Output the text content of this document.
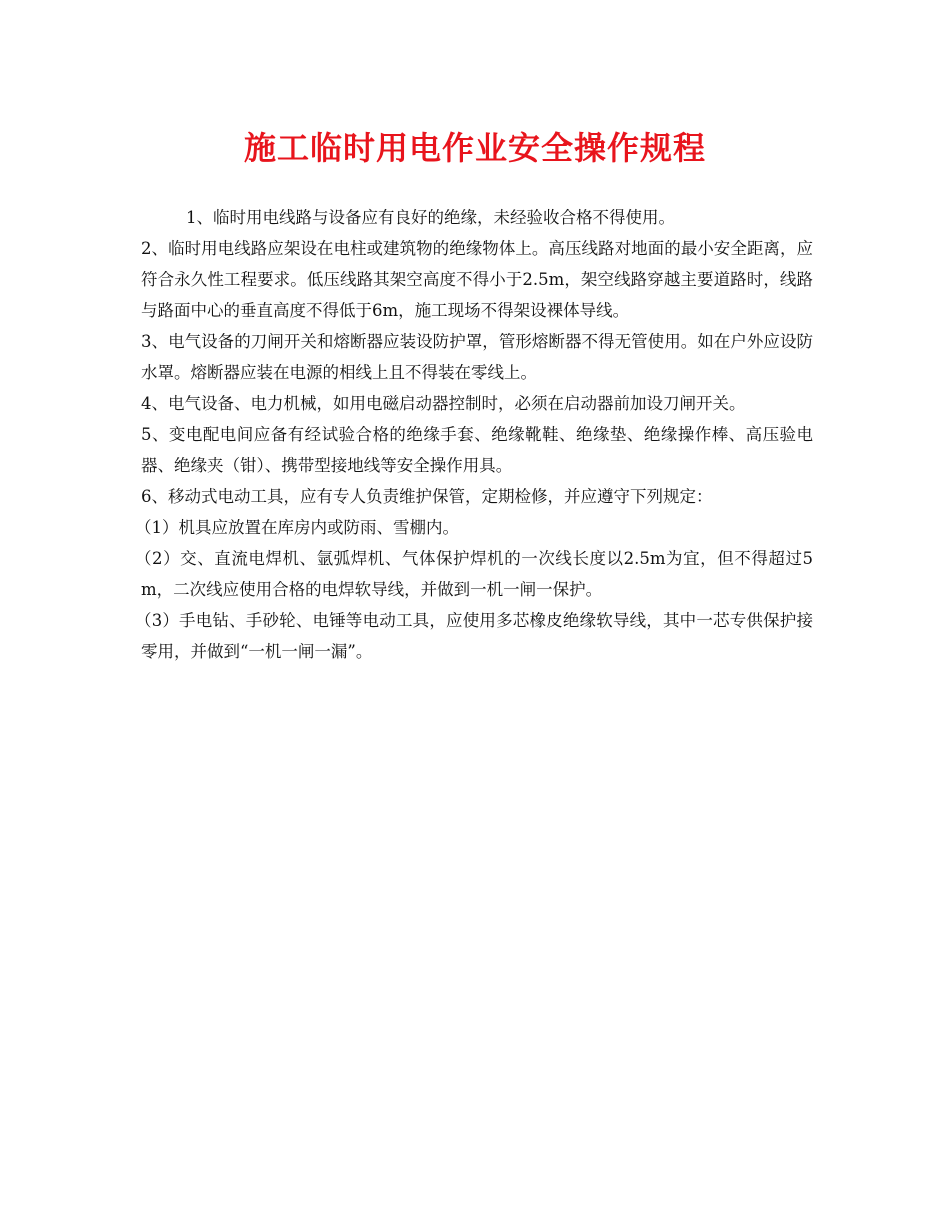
施工临时用电作业安全操作规程

1、临时用电线路与设备应有良好的绝缘，未经验收合格不得使用。

2、临时用电线路应架设在电柱或建筑物的绝缘物体上。高压线路对地面的最小安全距离，应符合永久性工程要求。低压线路其架空高度不得小于2.5m，架空线路穿越主要道路时，线路与路面中心的垂直高度不得低于6m，施工现场不得架设裸体导线。

3、电气设备的刀闸开关和熔断器应装设防护罩，管形熔断器不得无管使用。如在户外应设防水罩。熔断器应装在电源的相线上且不得装在零线上。

4、电气设备、电力机械，如用电磁启动器控制时，必须在启动器前加设刀闸开关。

5、变电配电间应备有经试验合格的绝缘手套、绝缘靴鞋、绝缘垫、绝缘操作棒、高压验电器、绝缘夹（钳）、携带型接地线等安全操作用具。

6、移动式电动工具，应有专人负责维护保管，定期检修，并应遵守下列规定：

（1）机具应放置在库房内或防雨、雪棚内。

（2）交、直流电焊机、氩弧焊机、气体保护焊机的一次线长度以2.5m为宜，但不得超过5m，二次线应使用合格的电焊软导线，并做到一机一闸一保护。

（3）手电钻、手砂轮、电锤等电动工具，应使用多芯橡皮绝缘软导线，其中一芯专供保护接零用，并做到“一机一闸一漏”。
